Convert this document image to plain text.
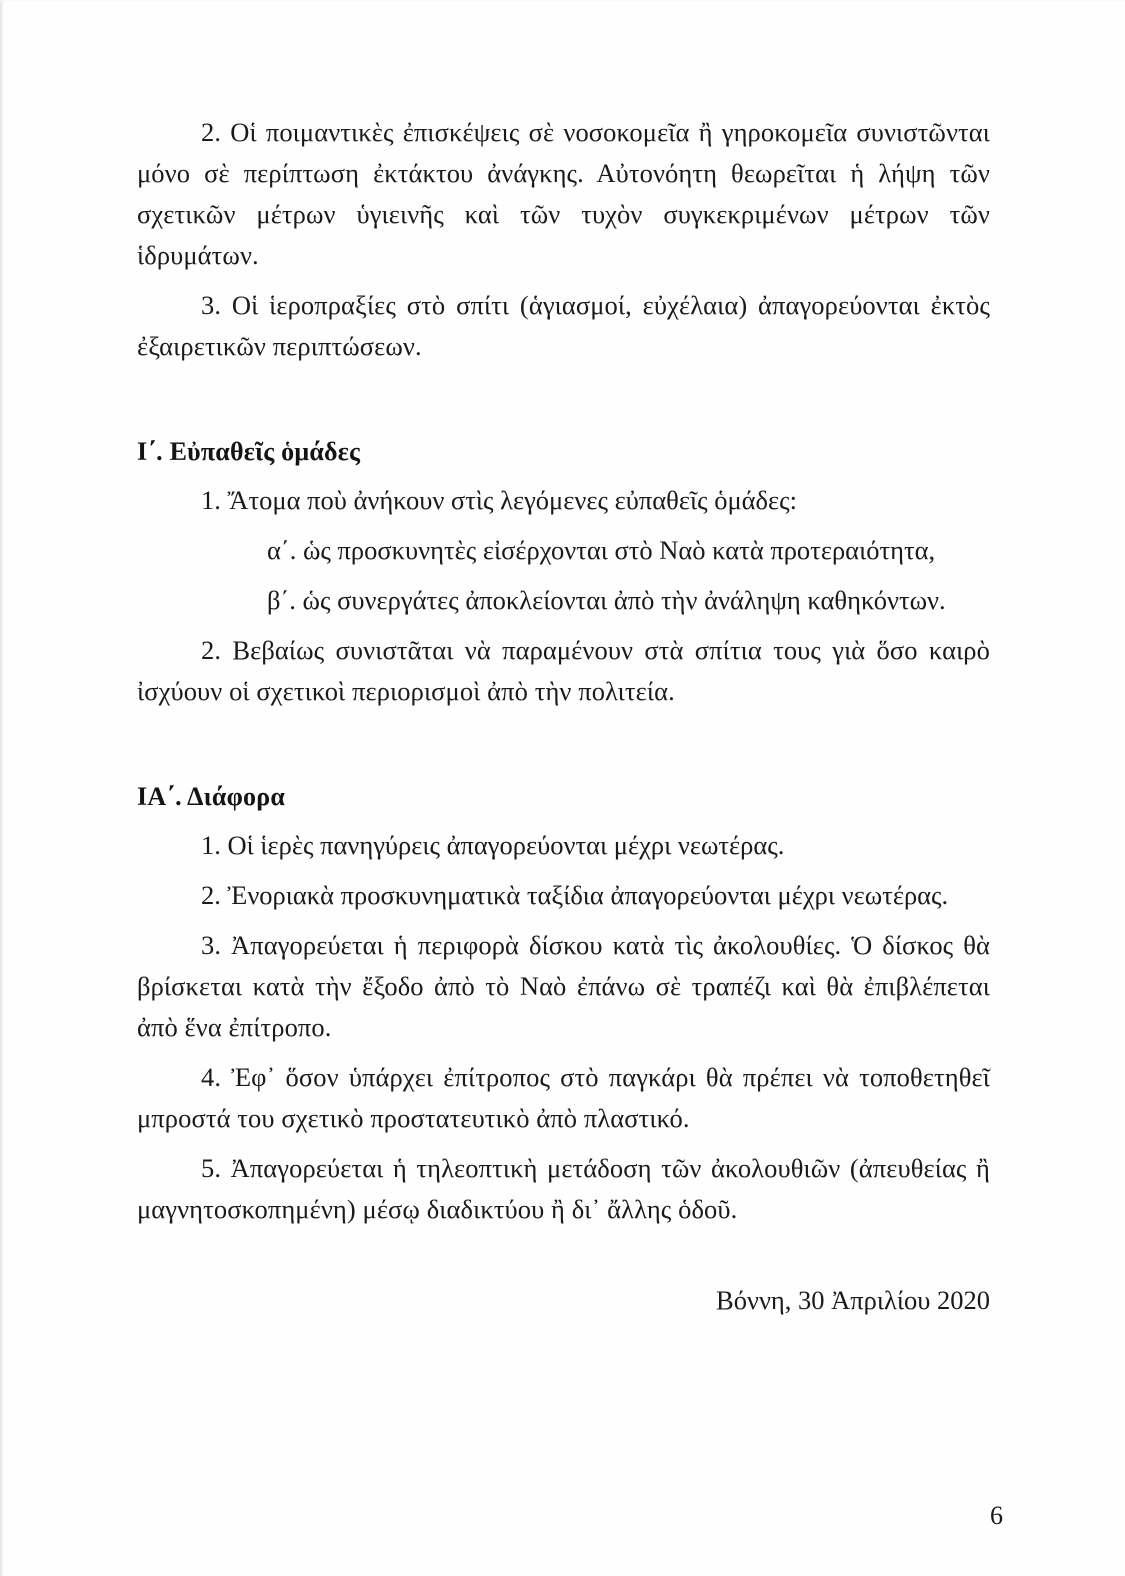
2. Οἱ ποιμαντικὲς ἐπισκέψεις σὲ νοσοκομεῖα ἢ γηροκομεῖα συνιστῶνται μόνο σὲ περίπτωση ἐκτάκτου ἀνάγκης. Αὐτονόητη θεωρεῖται ἡ λήψη τῶν σχετικῶν μέτρων ὑγιεινῆς καὶ τῶν τυχὸν συγκεκριμένων μέτρων τῶν ἱδρυμάτων.

3. Οἱ ἱεροπραξίες στὸ σπίτι (ἁγιασμοί, εὐχέλαια) ἀπαγορεύονται ἐκτὸς ἐξαιρετικῶν περιπτώσεων.

Ι΄. Εὐπαθεῖς ὁμάδες

1. Ἄτομα ποὺ ἀνήκουν στὶς λεγόμενες εὐπαθεῖς ὁμάδες:

α΄. ὡς προσκυνητὲς εἰσέρχονται στὸ Ναὸ κατὰ προτεραιότητα,

β΄. ὡς συνεργάτες ἀποκλείονται ἀπὸ τὴν ἀνάληψη καθηκόντων.

2. Βεβαίως συνιστᾶται νὰ παραμένουν στὰ σπίτια τους γιὰ ὅσο καιρὸ ἰσχύουν οἱ σχετικοὶ περιορισμοὶ ἀπὸ τὴν πολιτεία.

ΙΑ΄. Διάφορα

1. Οἱ ἱερὲς πανηγύρεις ἀπαγορεύονται μέχρι νεωτέρας.

2. Ἐνοριακὰ προσκυνηματικὰ ταξίδια ἀπαγορεύονται μέχρι νεωτέρας.

3. Ἀπαγορεύεται ἡ περιφορὰ δίσκου κατὰ τὶς ἀκολουθίες. Ὁ δίσκος θὰ βρίσκεται κατὰ τὴν ἔξοδο ἀπὸ τὸ Ναὸ ἐπάνω σὲ τραπέζι καὶ θὰ ἐπιβλέπεται ἀπὸ ἕνα ἐπίτροπο.

4. Ἐφ᾿ ὅσον ὑπάρχει ἐπίτροπος στὸ παγκάρι θὰ πρέπει νὰ τοποθετηθεῖ μπροστά του σχετικὸ προστατευτικὸ ἀπὸ πλαστικό.

5. Ἀπαγορεύεται ἡ τηλεοπτικὴ μετάδοση τῶν ἀκολουθιῶν (ἀπευθείας ἢ μαγνητοσκοπημένη) μέσῳ διαδικτύου ἢ δι᾿ ἄλλης ὁδοῦ.

Βόννη, 30 Ἀπριλίου 2020

6
